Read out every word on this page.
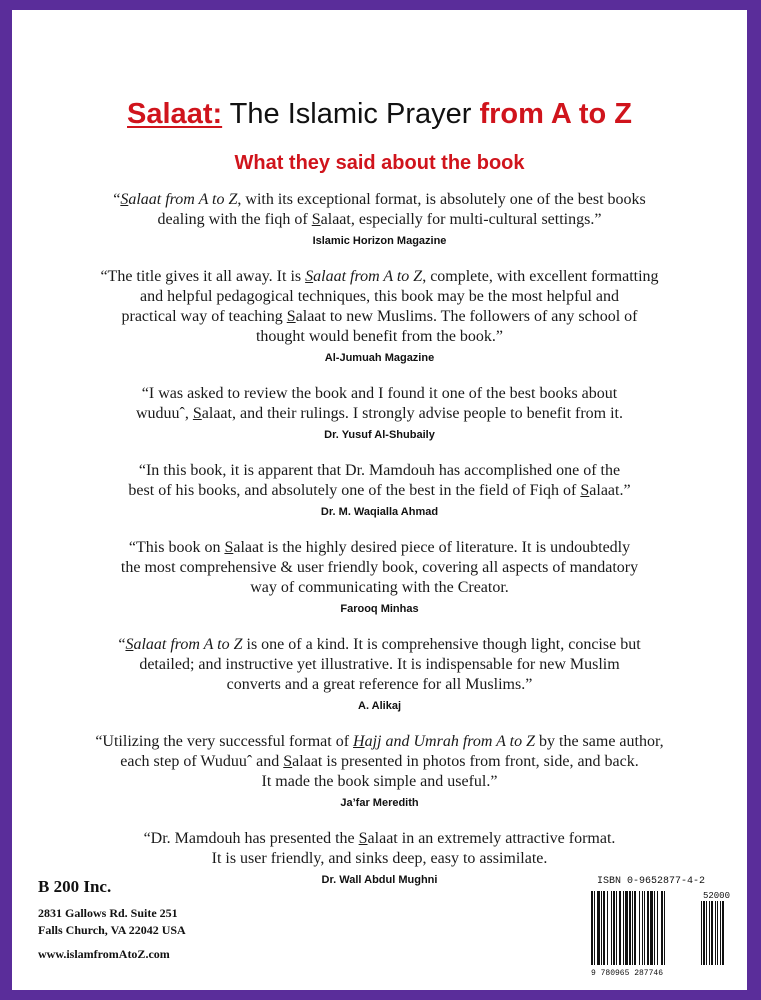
Salaat: The Islamic Prayer from A to Z
What they said about the book

“Salaat from A to Z, with its exceptional format, is absolutely one of the best books
dealing with the fiqh of Salaat, especially for multi-cultural settings.”

Islamic Horizon Magazine

“The title gives it all away. It is Salaat from A to Z, complete, with excellent formatting
and helpful pedagogical techniques, this book may be the most helpful and
practical way of teaching Salaat to new Muslims. The followers of any school of
thought would benefit from the book.”

Al-Jumuah Magazine

“I was asked to review the book and I found it one of the best books about
wuduuˆ, Salaat, and their rulings. I strongly advise people to benefit from it.

Dr. Yusuf Al-Shubaily

“In this book, it is apparent that Dr. Mamdouh has accomplished one of the
best of his books, and absolutely one of the best in the field of Fiqh of Salaat.”

Dr. M. Waqialla Ahmad

“This book on Salaat is the highly desired piece of literature. It is undoubtedly
the most comprehensive & user friendly book, covering all aspects of mandatory
way of communicating with the Creator.

Farooq Minhas

“Salaat from A to Z is one of a kind. It is comprehensive though light, concise but
detailed; and instructive yet illustrative. It is indispensable for new Muslim
converts and a great reference for all Muslims.”

A. Alikaj

“Utilizing the very successful format of Hajj and Umrah from A to Z by the same author,
each step of Wuduuˆ and Salaat is presented in photos from front, side, and back.
It made the book simple and useful.”

Ja’far Meredith

“Dr. Mamdouh has presented the Salaat in an extremely attractive format.
It is user friendly, and sinks deep, easy to assimilate.

Dr. Wall Abdul Mughni
B 200 Inc.
2831 Gallows Rd. Suite 251
Falls Church, VA 22042 USA
www.islamfromAtoZ.com
ISBN 0-9652877-4-2
52000
9 780965 287746
